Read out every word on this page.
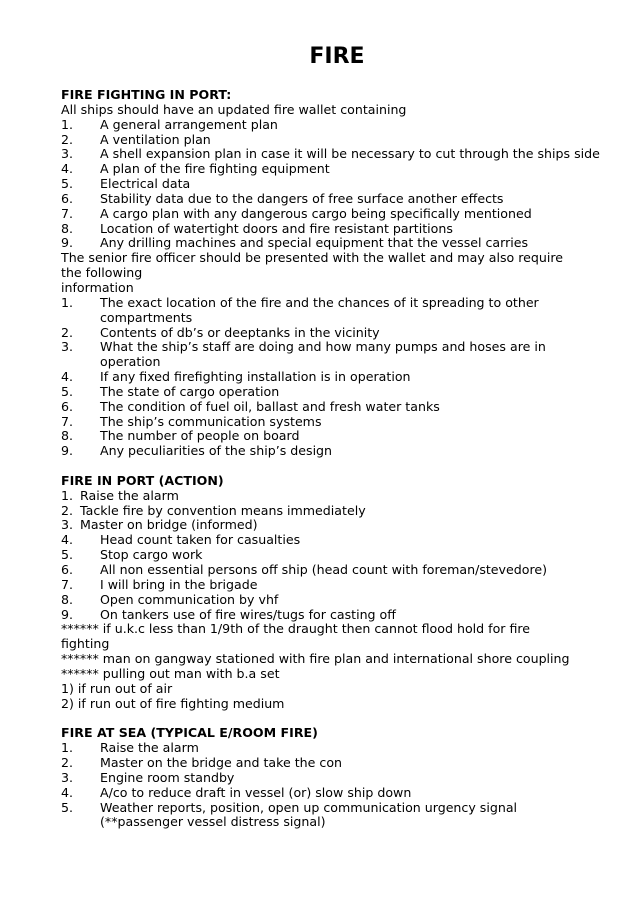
FIRE
FIRE FIGHTING IN PORT:
All ships should have an updated fire wallet containing
1.	A general arrangement plan
2.	A ventilation plan
3.	A shell expansion plan in case it will be necessary to cut through the ships side
4.	A plan of the fire fighting equipment
5.	Electrical data
6.	Stability data due to the dangers of free surface another effects
7.	A cargo plan with any dangerous cargo being specifically mentioned
8.	Location of watertight doors and fire resistant partitions
9.	Any drilling machines and special equipment that the vessel carries
The senior fire officer should be presented with the wallet and may also require
the following
information
1.	The exact location of the fire and the chances of it spreading to other compartments
2.	Contents of db’s or deeptanks in the vicinity
3.	What the ship’s staff are doing and how many pumps and hoses are in operation
4.	If any fixed firefighting installation is in operation
5.	The state of cargo operation
6.	The condition of fuel oil, ballast and fresh water tanks
7.	The ship’s communication systems
8.	The number of people on board
9.	Any peculiarities of the ship’s design
FIRE IN PORT (ACTION)
1. Raise the alarm
2. Tackle fire by convention means immediately
3. Master on bridge (informed)
4.	Head count taken for casualties
5.	Stop cargo work
6.	All non essential persons off ship (head count with foreman/stevedore)
7.	I will bring in the brigade
8.	Open communication by vhf
9.	On tankers use of fire wires/tugs for casting off
****** if u.k.c less than 1/9th of the draught then cannot flood hold for fire
fighting
****** man on gangway stationed with fire plan and international shore coupling
****** pulling out man with b.a set
1) if run out of air
2) if run out of fire fighting medium
FIRE AT SEA (TYPICAL E/ROOM FIRE)
1.	Raise the alarm
2.	Master on the bridge and take the con
3.	Engine room standby
4.	A/co to reduce draft in vessel (or) slow ship down
5.	Weather reports, position, open up communication urgency signal (**passenger vessel distress signal)
